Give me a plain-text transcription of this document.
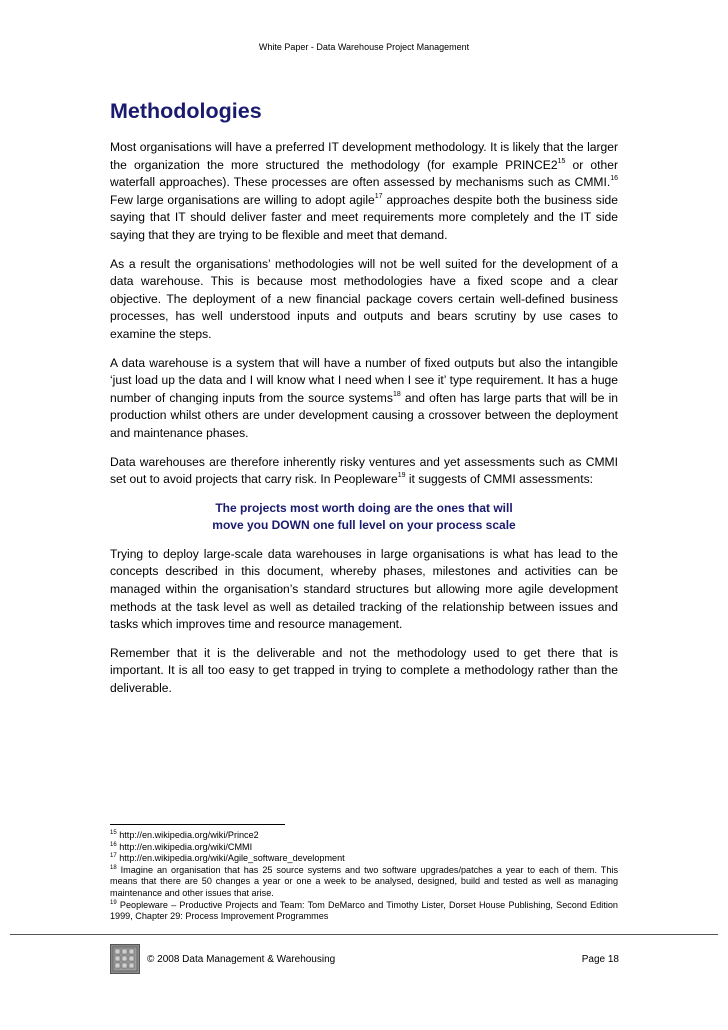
White Paper - Data Warehouse Project Management
Methodologies

Most organisations will have a preferred IT development methodology. It is likely that the larger the organization the more structured the methodology (for example $PRINCE2^{15}$ or other waterfall approaches). These processes are often assessed by mechanisms such as CMMI.$^{16}$ Few large organisations are willing to adopt agile$^{17}$ approaches despite both the business side saying that IT should deliver faster and meet requirements more completely and the IT side saying that they are trying to be flexible and meet that demand.

As a result the organisations’ methodologies will not be well suited for the development of a data warehouse. This is because most methodologies have a fixed scope and a clear objective. The deployment of a new financial package covers certain well-defined business processes, has well understood inputs and outputs and bears scrutiny by use cases to examine the steps.

A data warehouse is a system that will have a number of fixed outputs but also the intangible ‘just load up the data and I will know what I need when I see it’ type requirement. It has a huge number of changing inputs from the source systems$^{18}$ and often has large parts that will be in production whilst others are under development causing a crossover between the deployment and maintenance phases.

Data warehouses are therefore inherently risky ventures and yet assessments such as CMMI set out to avoid projects that carry risk. In Peopleware$^{19}$ it suggests of CMMI assessments:

The projects most worth doing are the ones that will
move you DOWN one full level on your process scale

Trying to deploy large-scale data warehouses in large organisations is what has lead to the concepts described in this document, whereby phases, milestones and activities can be managed within the organisation’s standard structures but allowing more agile development methods at the task level as well as detailed tracking of the relationship between issues and tasks which improves time and resource management.

Remember that it is the deliverable and not the methodology used to get there that is important. It is all too easy to get trapped in trying to complete a methodology rather than the deliverable.

$^{15}$ http://en.wikipedia.org/wiki/Prince2

$^{16}$ http://en.wikipedia.org/wiki/CMMI

$^{17}$ http://en.wikipedia.org/wiki/Agile_software_development

$^{18}$ Imagine an organisation that has 25 source systems and two software upgrades/patches a year to each of them. This means that there are 50 changes a year or one a week to be analysed, designed, build and tested as well as managing maintenance and other issues that arise.

$^{19}$ Peopleware – Productive Projects and Team: Tom DeMarco and Timothy Lister, Dorset House Publishing, Second Edition 1999, Chapter 29: Process Improvement Programmes

© 2008 Data Management & Warehousing	Page 18
